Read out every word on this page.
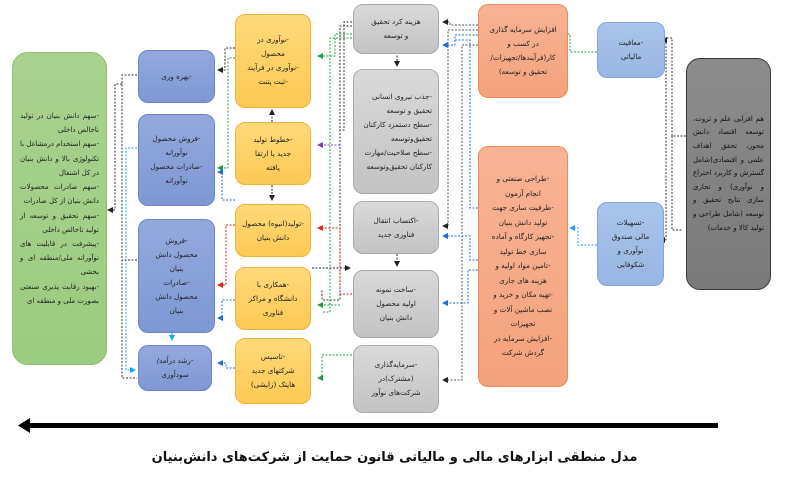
هم افزایی علم و ثروت، توسعه اقتصاد دانش محور، تحقق اهداف علمی و اقتصادی(شامل گسترش و کاربرد اختراع و نوآوری) و تجاری سازی نتایج تحقیق و توسعه (شامل طراحی و تولید کالا و خدمات)
-معافیت
مالیاتی
-تسهیلات
مالی صندوق
نوآوری و
شکوفایی
افزایش سرمایه گذاری
در کسب و
کار(فرآیندها/تجهیزات/
تحقیق و توسعه)
-طراحی صنعتی و
انجام آزمون
-ظرفیت سازی جهت
تولید دانش بنیان
-تجهیز کارگاه و آماده
سازی خط تولید
-تامین مواد اولیه و
هزینه های جاری
-تهیه مکان و خرید و
نصب ماشین آلات و
تجهیزات
-افزایش سرمایه در
گردش شرکت
هزینه کرد تحقیق
و توسعه
-جذب نیروی انسانی
تحقیق و توسعه
-سطح دستمزد کارکنان
تحقیق‌وتوسعه
-سطح صلاحیت/مهارت
کارکنان تحقیق‌وتوسعه
-اکتساب انتقال
فناوری جدید
-ساخت نمونه
اولیه محصول
دانش بنیان
-سرمایه‌گذاری
(مشترک)در
شرکت‌های نوآور
-نوآوری در
محصول
-نوآوری در فرآیند
-ثبت پتنت
-خطوط تولید
جدید یا ارتقا
یافته
-تولید(انبوه) محصول
دانش بنیان
-همکاری با
دانشگاه و مراکز
فناوری
-تاسیس
شرکتهای جدید
هایتک (زایشی)
-بهره وری
-فروش محصول
نوآورانه
-صادرات محصول
نوآورانه
-فروش
محصول دانش
بنیان
-صادرات
محصول دانش
بنیان
-رشد درآمد/
سودآوری
-سهم دانش بنیان در تولید ناخالص داخلی
-سهم استخدام درمشاغل با تکنولوژی بالا و دانش بنیان در کل اشتغال
-سهم صادرات محصولات دانش بنیان از کل صادرات
-سهم تحقیق و توسعه از تولید ناخالص داخلی
-پیشرفت در قابلیت های نوآورانه ملی/منطقه ای و بخشی
-بهبود رقابت پذیری صنعتی بصورت ملی و منطقه ای
مدل منطقی ابزارهای مالی و مالیاتی قانون حمایت از شرکت‌های دانش‌بنیان
